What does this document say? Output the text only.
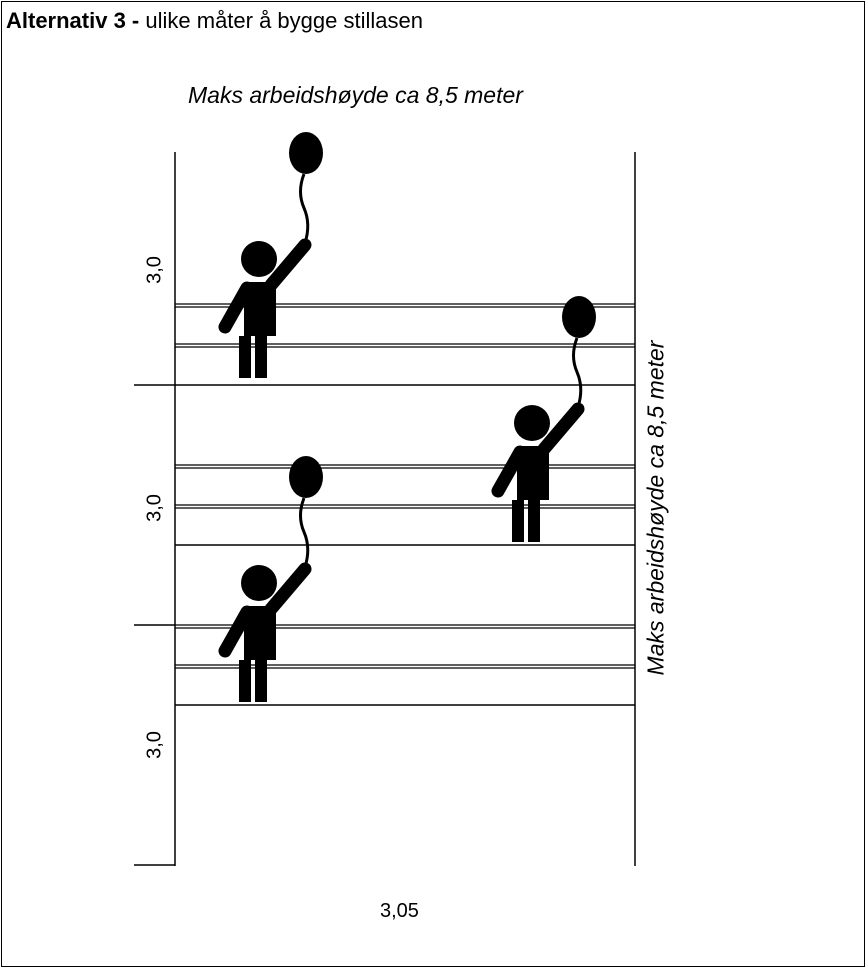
Alternativ 3 - ulike måter å bygge stillasen
Maks arbeidshøyde ca 8,5 meter
3,0
3,0
3,0
Maks arbeidshøyde ca 8,5 meter
3,05
